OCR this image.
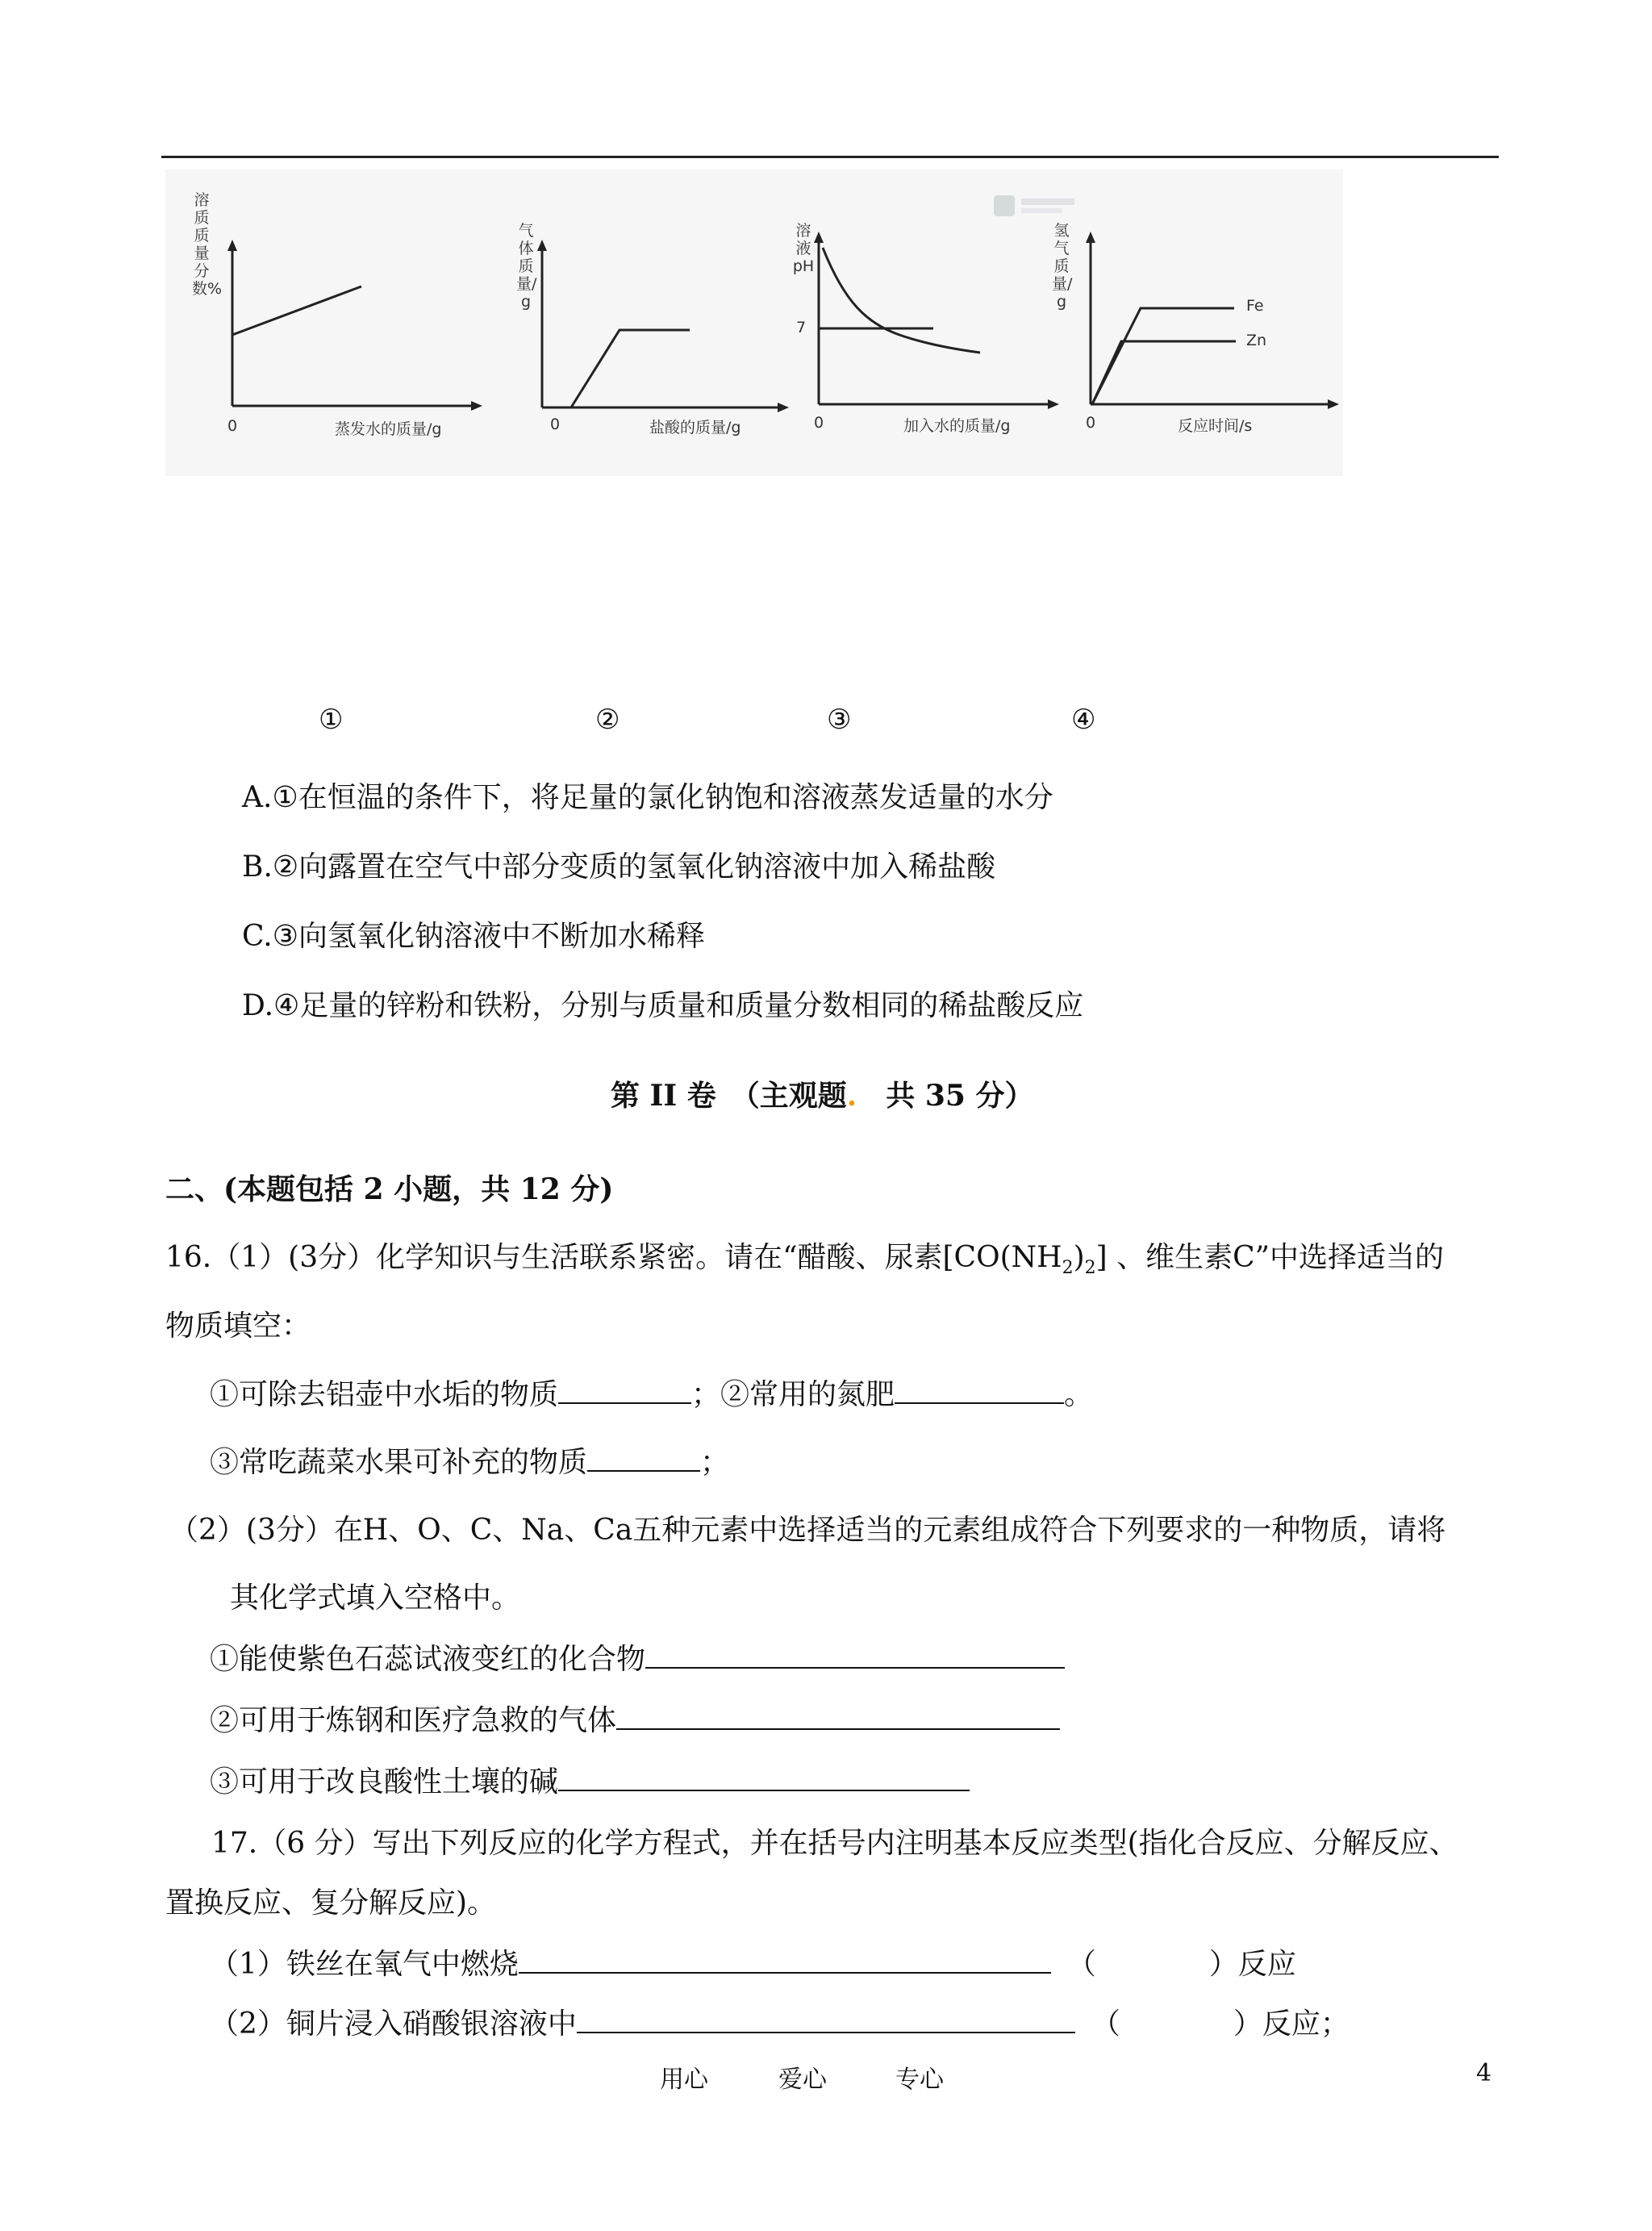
溶质质量分数%
0	蒸发水的质量/g
气体质量/g
0	盐酸的质量/g
溶液pH
7
0	加入水的质量/g
氢气质量/g	Fe
Zn
0	反应时间/s
①	②	③	④
A.①在恒温的条件下，将足量的氯化钠饱和溶液蒸发适量的水分
B.②向露置在空气中部分变质的氢氧化钠溶液中加入稀盐酸
C.③向氢氧化钠溶液中不断加水稀释
D.④足量的锌粉和铁粉，分别与质量和质量分数相同的稀盐酸反应
第 II 卷　（主观题.　共 35 分）
二、(本题包括 2 小题，共 12 分)
16.（1）(3分）化学知识与生活联系紧密。请在“醋酸、尿素$[CO(NH_2)_2]$ 、维生素C”中选择适当的
物质填空：
①可除去铝壶中水垢的物质	；②常用的氮肥	。
③常吃蔬菜水果可补充的物质	；
（2）(3分）在H、O、C、Na、Ca五种元素中选择适当的元素组成符合下列要求的一种物质，请将
其化学式填入空格中。
①能使紫色石蕊试液变红的化合物
②可用于炼钢和医疗急救的气体
③可用于改良酸性土壤的碱
17.（6 分）写出下列反应的化学方程式，并在括号内注明基本反应类型(指化合反应、分解反应、
置换反应、复分解反应)。
（1）铁丝在氧气中燃烧	（	）反应
（2）铜片浸入硝酸银溶液中	（	）反应；
用心	爱心	专心	4
